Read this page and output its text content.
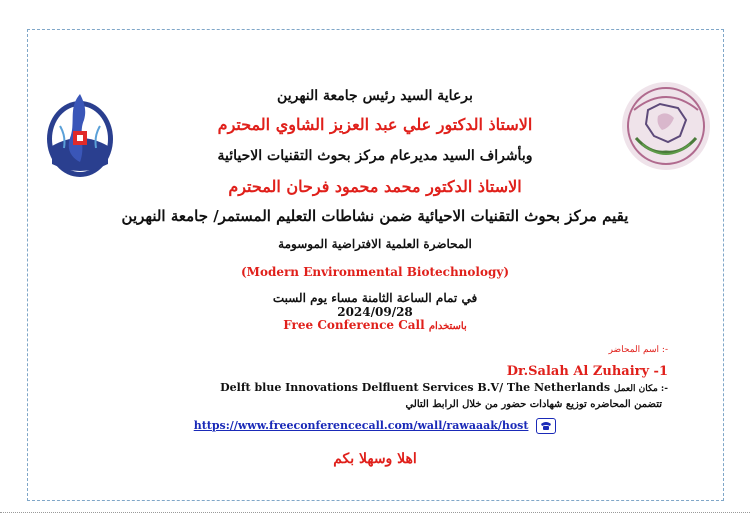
برعاية السيد رئيس جامعة النهرين
الاستاذ الدكتور علي عبد العزيز الشاوي المحترم
وبأشراف السيد مديرعام مركز بحوث التقنيات الاحيائية
الاستاذ الدكتور محمد محمود فرحان المحترم
يقيم مركز بحوث التقنيات الاحيائية ضمن نشاطات التعليم المستمر/ جامعة النهرين
المحاضرة العلمية الافتراضية الموسومة
(Modern Environmental Biotechnology)
في تمام الساعة الثامنة مساء يوم السبت
2024/09/28
Free Conference Call باستخدام
اسم المحاضر :-
Dr.Salah Al Zuhairy -1
Delft blue Innovations Delfluent Services B.V/ The Netherlands مكان العمل :-
تتضمن المحاضره توزيع شهادات حضور من خلال الرابط التالي
https://www.freeconferencecall.com/wall/rawaaak/host
اهلا وسهلا بكم
